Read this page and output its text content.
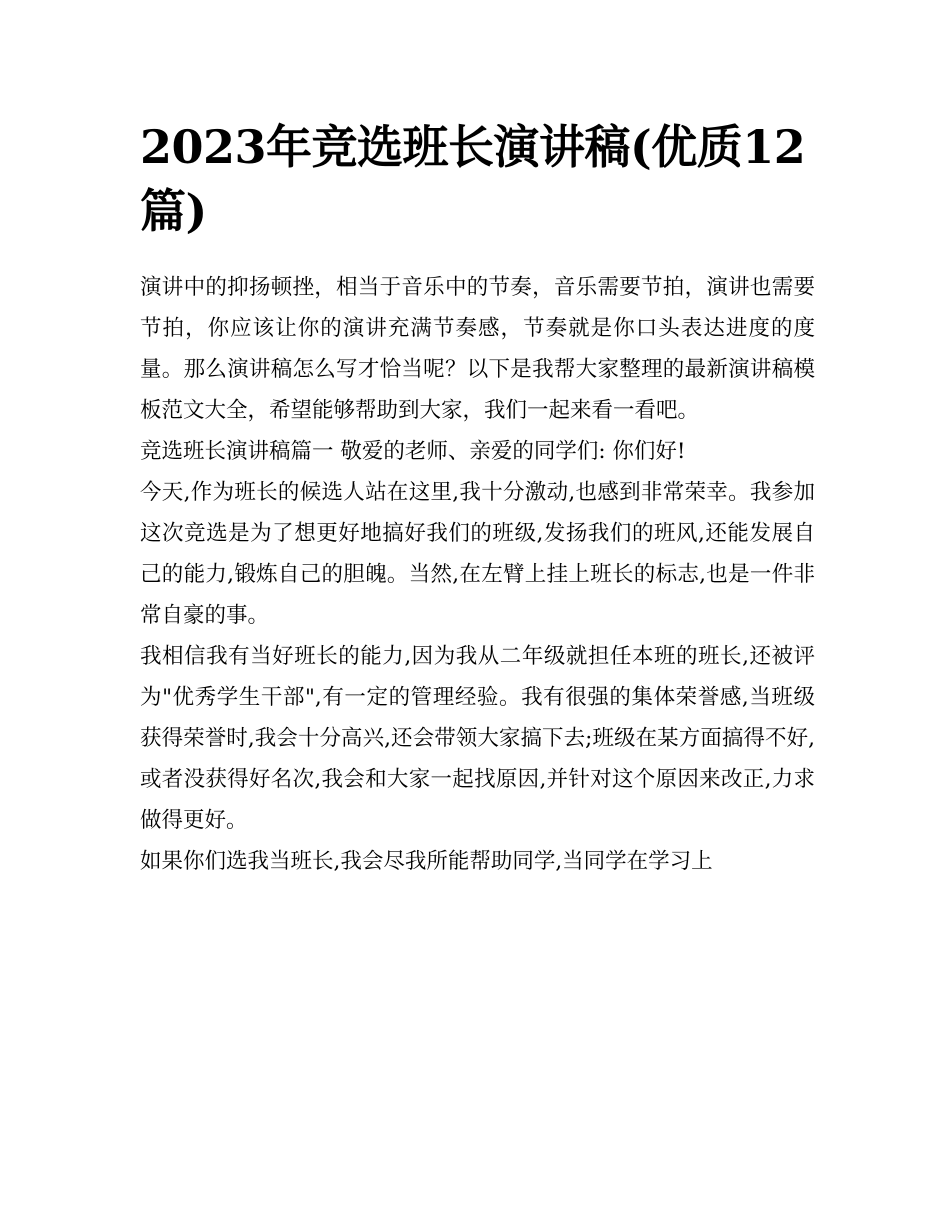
2023年竞选班长演讲稿(优质12篇)

演讲中的抑扬顿挫，相当于音乐中的节奏，音乐需要节拍，演讲也需要节拍，你应该让你的演讲充满节奏感，节奏就是你口头表达进度的度量。那么演讲稿怎么写才恰当呢？以下是我帮大家整理的最新演讲稿模板范文大全，希望能够帮助到大家，我们一起来看一看吧。

竞选班长演讲稿篇一 敬爱的老师、亲爱的同学们: 你们好!

今天,作为班长的候选人站在这里,我十分激动,也感到非常荣幸。我参加这次竞选是为了想更好地搞好我们的班级,发扬我们的班风,还能发展自己的能力,锻炼自己的胆魄。当然,在左臂上挂上班长的标志,也是一件非常自豪的事。

我相信我有当好班长的能力,因为我从二年级就担任本班的班长,还被评为"优秀学生干部",有一定的管理经验。我有很强的集体荣誉感,当班级获得荣誉时,我会十分高兴,还会带领大家搞下去;班级在某方面搞得不好,或者没获得好名次,我会和大家一起找原因,并针对这个原因来改正,力求做得更好。

如果你们选我当班长,我会尽我所能帮助同学,当同学在学习上
